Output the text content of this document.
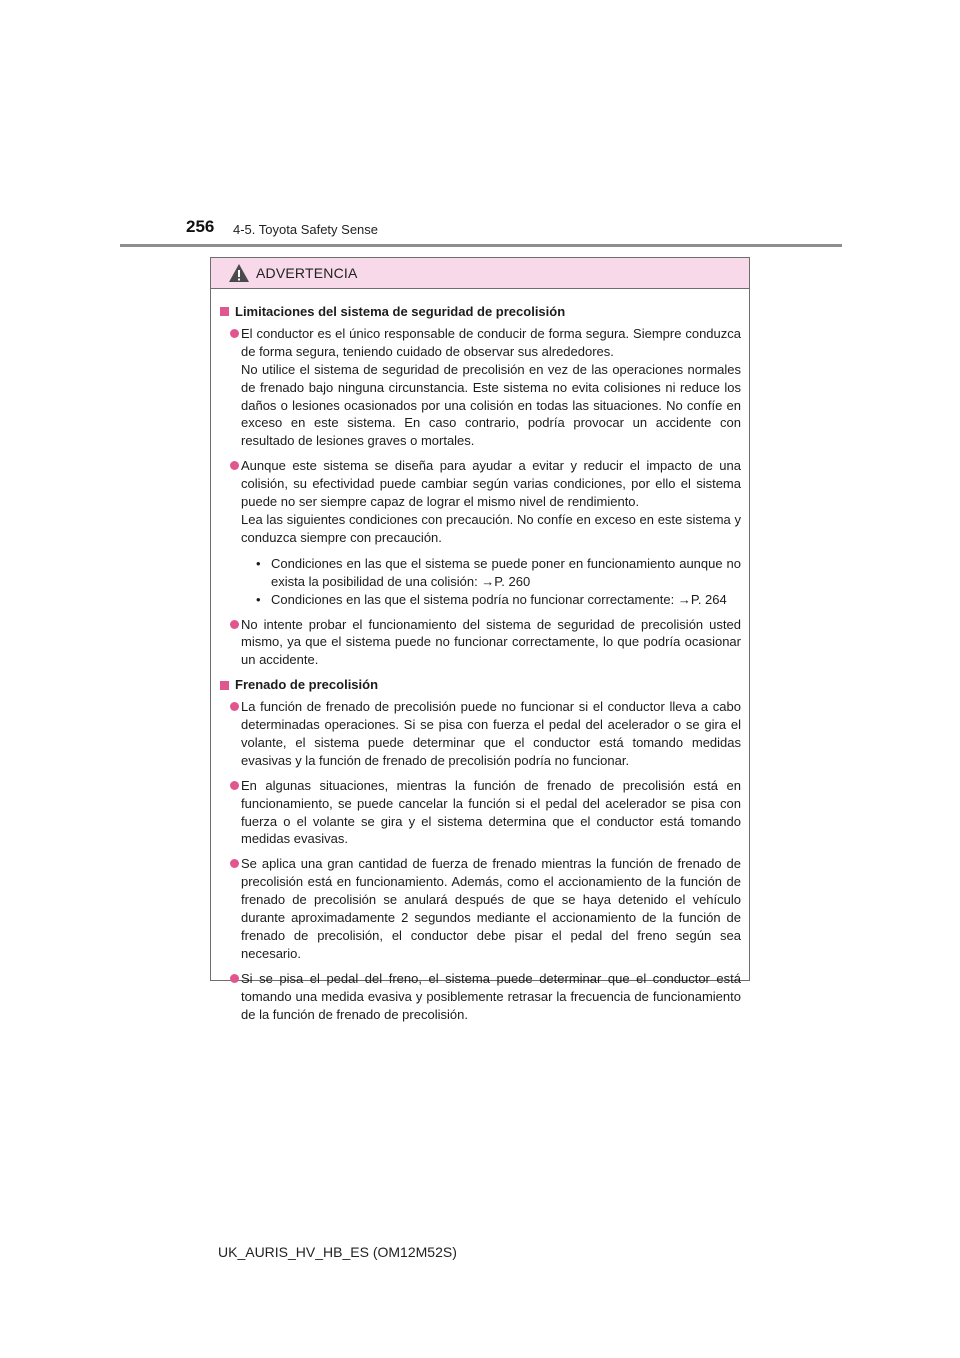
256 4-5. Toyota Safety Sense
ADVERTENCIA
Limitaciones del sistema de seguridad de precolisión
El conductor es el único responsable de conducir de forma segura. Siempre conduzca de forma segura, teniendo cuidado de observar sus alrededores.
No utilice el sistema de seguridad de precolisión en vez de las operaciones normales de frenado bajo ninguna circunstancia. Este sistema no evita colisiones ni reduce los daños o lesiones ocasionados por una colisión en todas las situaciones. No confíe en exceso en este sistema. En caso contrario, podría provocar un accidente con resultado de lesiones graves o mortales.
Aunque este sistema se diseña para ayudar a evitar y reducir el impacto de una colisión, su efectividad puede cambiar según varias condiciones, por ello el sistema puede no ser siempre capaz de lograr el mismo nivel de rendimiento.
Lea las siguientes condiciones con precaución. No confíe en exceso en este sistema y conduzca siempre con precaución.
• Condiciones en las que el sistema se puede poner en funcionamiento aunque no exista la posibilidad de una colisión: →P. 260
• Condiciones en las que el sistema podría no funcionar correctamente: →P. 264
No intente probar el funcionamiento del sistema de seguridad de precolisión usted mismo, ya que el sistema puede no funcionar correctamente, lo que podría ocasionar un accidente.
Frenado de precolisión
La función de frenado de precolisión puede no funcionar si el conductor lleva a cabo determinadas operaciones. Si se pisa con fuerza el pedal del acelerador o se gira el volante, el sistema puede determinar que el conductor está tomando medidas evasivas y la función de frenado de precolisión podría no funcionar.
En algunas situaciones, mientras la función de frenado de precolisión está en funcionamiento, se puede cancelar la función si el pedal del acelerador se pisa con fuerza o el volante se gira y el sistema determina que el conductor está tomando medidas evasivas.
Se aplica una gran cantidad de fuerza de frenado mientras la función de frenado de precolisión está en funcionamiento. Además, como el accionamiento de la función de frenado de precolisión se anulará después de que se haya detenido el vehículo durante aproximadamente 2 segundos mediante el accionamiento de la función de frenado de precolisión, el conductor debe pisar el pedal del freno según sea necesario.
Si se pisa el pedal del freno, el sistema puede determinar que el conductor está tomando una medida evasiva y posiblemente retrasar la frecuencia de funcionamiento de la función de frenado de precolisión.
UK_AURIS_HV_HB_ES (OM12M52S)
